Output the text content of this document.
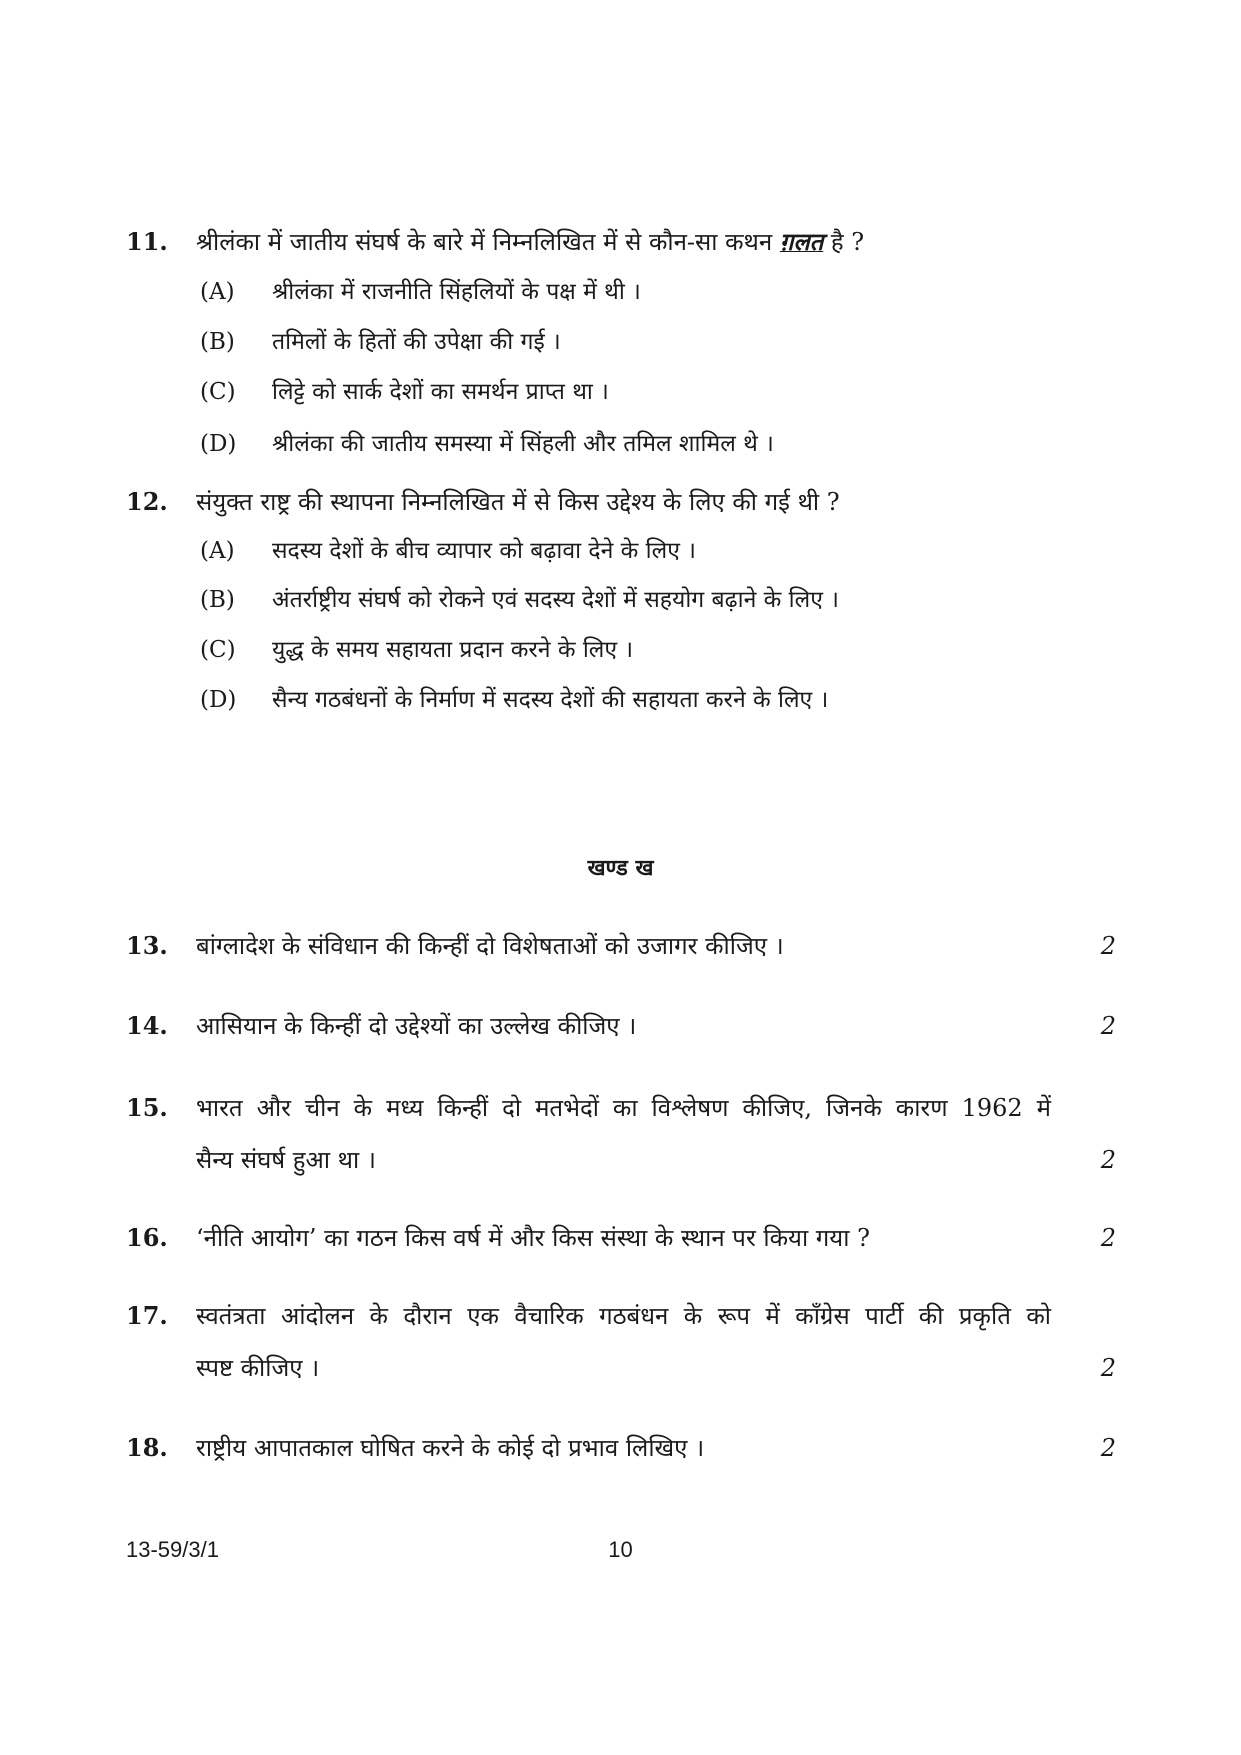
11. श्रीलंका में जातीय संघर्ष के बारे में निम्नलिखित में से कौन-सा कथन ग़लत है ?
(A) श्रीलंका में राजनीति सिंहलियों के पक्ष में थी ।
(B) तमिलों के हितों की उपेक्षा की गई ।
(C) लिट्टे को सार्क देशों का समर्थन प्राप्त था ।
(D) श्रीलंका की जातीय समस्या में सिंहली और तमिल शामिल थे ।
12. संयुक्त राष्ट्र की स्थापना निम्नलिखित में से किस उद्देश्य के लिए की गई थी ?
(A) सदस्य देशों के बीच व्यापार को बढ़ावा देने के लिए ।
(B) अंतर्राष्ट्रीय संघर्ष को रोकने एवं सदस्य देशों में सहयोग बढ़ाने के लिए ।
(C) युद्ध के समय सहायता प्रदान करने के लिए ।
(D) सैन्य गठबंधनों के निर्माण में सदस्य देशों की सहायता करने के लिए ।
खण्ड ख
13. बांग्लादेश के संविधान की किन्हीं दो विशेषताओं को उजागर कीजिए ।	2
14. आसियान के किन्हीं दो उद्देश्यों का उल्लेख कीजिए ।	2
15. भारत और चीन के मध्य किन्हीं दो मतभेदों का विश्लेषण कीजिए, जिनके कारण 1962 में
सैन्य संघर्ष हुआ था ।	2
16. ‘नीति आयोग’ का गठन किस वर्ष में और किस संस्था के स्थान पर किया गया ?	2
17. स्वतंत्रता आंदोलन के दौरान एक वैचारिक गठबंधन के रूप में काँग्रेस पार्टी की प्रकृति को
स्पष्ट कीजिए ।	2
18. राष्ट्रीय आपातकाल घोषित करने के कोई दो प्रभाव लिखिए ।	2
13-59/3/1	10
